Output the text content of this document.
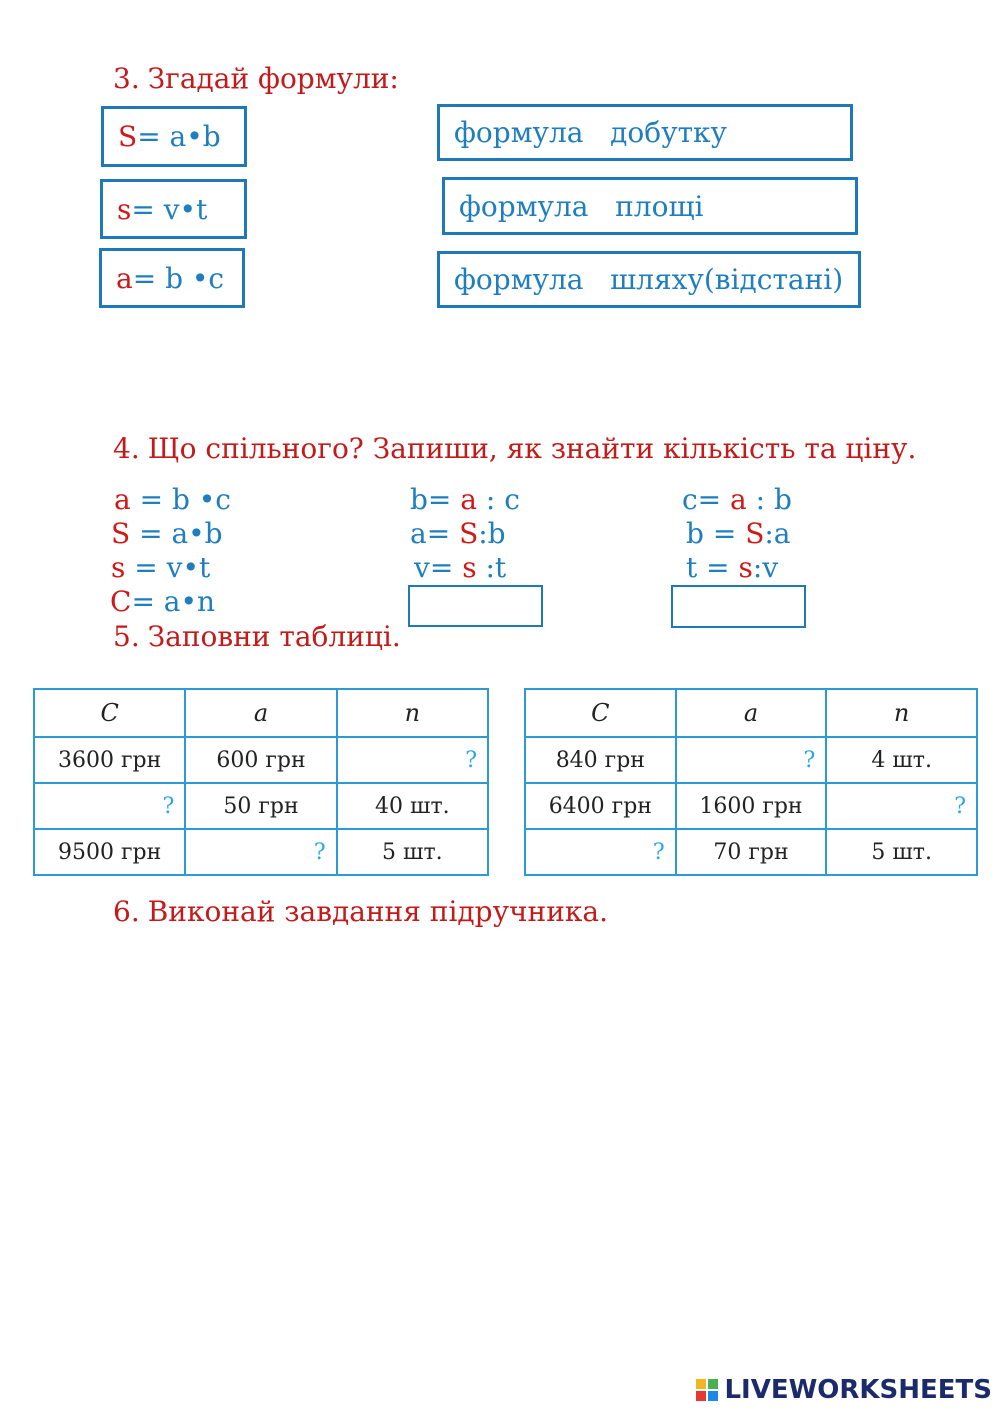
3. Згадай формули:
S = a•b
s = v•t
a = b •c
формула   добутку
формула   площі
формула   шляху(відстані)
4. Що спільного? Запиши, як знайти кількість та ціну.
a = b •c
S = a•b
s = v•t
C= a•n
b= a : c
a= S:b
v= s :t
c= a : b
b = S:a
t = s:v
5. Заповни таблиці.
C	a	n
3600 грн	600 грн	?
?	50 грн	40 шт.
9500 грн	?	5 шт.
C	a	n
840 грн	?	4 шт.
6400 грн	1600 грн	?
?	70 грн	5 шт.
6. Виконай завдання підручника.
LIVEWORKSHEETS
